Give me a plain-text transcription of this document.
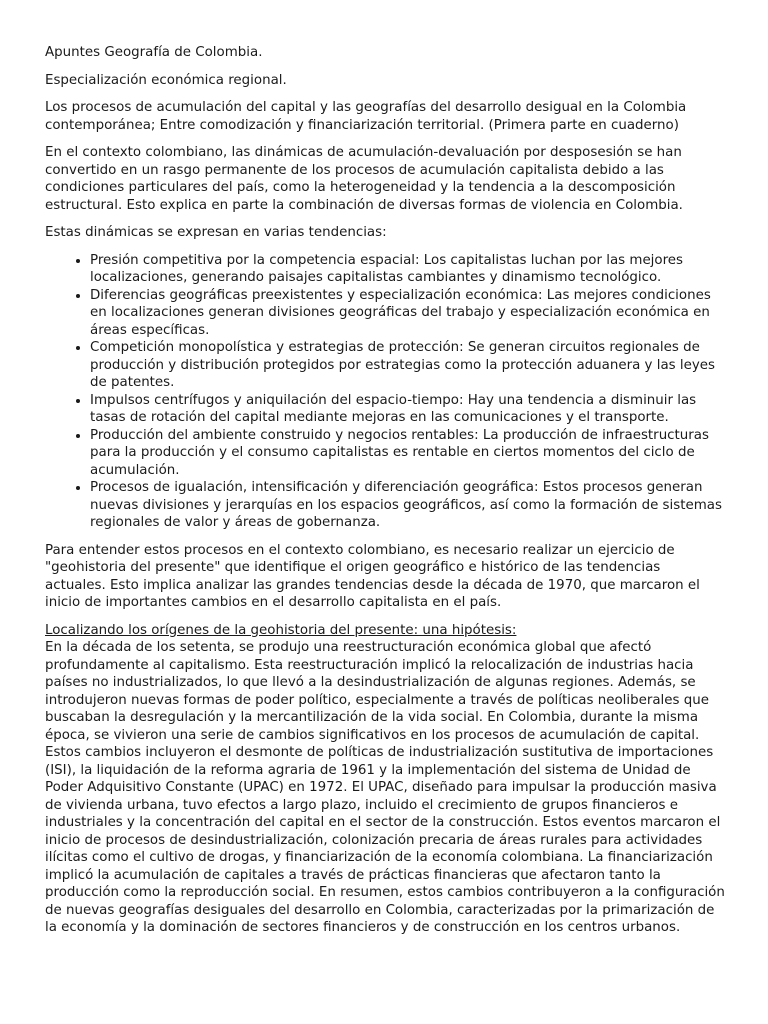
Apuntes Geografía de Colombia.

Especialización económica regional.

Los procesos de acumulación del capital y las geografías del desarrollo desigual en la Colombia contemporánea; Entre comodización y financiarización territorial. (Primera parte en cuaderno)

En el contexto colombiano, las dinámicas de acumulación-devaluación por desposesión se han convertido en un rasgo permanente de los procesos de acumulación capitalista debido a las condiciones particulares del país, como la heterogeneidad y la tendencia a la descomposición estructural. Esto explica en parte la combinación de diversas formas de violencia en Colombia.

Estas dinámicas se expresan en varias tendencias:

• Presión competitiva por la competencia espacial: Los capitalistas luchan por las mejores localizaciones, generando paisajes capitalistas cambiantes y dinamismo tecnológico.
• Diferencias geográficas preexistentes y especialización económica: Las mejores condiciones en localizaciones generan divisiones geográficas del trabajo y especialización económica en áreas específicas.
• Competición monopolística y estrategias de protección: Se generan circuitos regionales de producción y distribución protegidos por estrategias como la protección aduanera y las leyes de patentes.
• Impulsos centrífugos y aniquilación del espacio-tiempo: Hay una tendencia a disminuir las tasas de rotación del capital mediante mejoras en las comunicaciones y el transporte.
• Producción del ambiente construido y negocios rentables: La producción de infraestructuras para la producción y el consumo capitalistas es rentable en ciertos momentos del ciclo de acumulación.
• Procesos de igualación, intensificación y diferenciación geográfica: Estos procesos generan nuevas divisiones y jerarquías en los espacios geográficos, así como la formación de sistemas regionales de valor y áreas de gobernanza.

Para entender estos procesos en el contexto colombiano, es necesario realizar un ejercicio de "geohistoria del presente" que identifique el origen geográfico e histórico de las tendencias actuales. Esto implica analizar las grandes tendencias desde la década de 1970, que marcaron el inicio de importantes cambios en el desarrollo capitalista en el país.

Localizando los orígenes de la geohistoria del presente: una hipótesis:

En la década de los setenta, se produjo una reestructuración económica global que afectó profundamente al capitalismo. Esta reestructuración implicó la relocalización de industrias hacia países no industrializados, lo que llevó a la desindustrialización de algunas regiones. Además, se introdujeron nuevas formas de poder político, especialmente a través de políticas neoliberales que buscaban la desregulación y la mercantilización de la vida social. En Colombia, durante la misma época, se vivieron una serie de cambios significativos en los procesos de acumulación de capital. Estos cambios incluyeron el desmonte de políticas de industrialización sustitutiva de importaciones (ISI), la liquidación de la reforma agraria de 1961 y la implementación del sistema de Unidad de Poder Adquisitivo Constante (UPAC) en 1972. El UPAC, diseñado para impulsar la producción masiva de vivienda urbana, tuvo efectos a largo plazo, incluido el crecimiento de grupos financieros e industriales y la concentración del capital en el sector de la construcción. Estos eventos marcaron el inicio de procesos de desindustrialización, colonización precaria de áreas rurales para actividades ilícitas como el cultivo de drogas, y financiarización de la economía colombiana. La financiarización implicó la acumulación de capitales a través de prácticas financieras que afectaron tanto la producción como la reproducción social. En resumen, estos cambios contribuyeron a la configuración de nuevas geografías desiguales del desarrollo en Colombia, caracterizadas por la primarización de la economía y la dominación de sectores financieros y de construcción en los centros urbanos.
